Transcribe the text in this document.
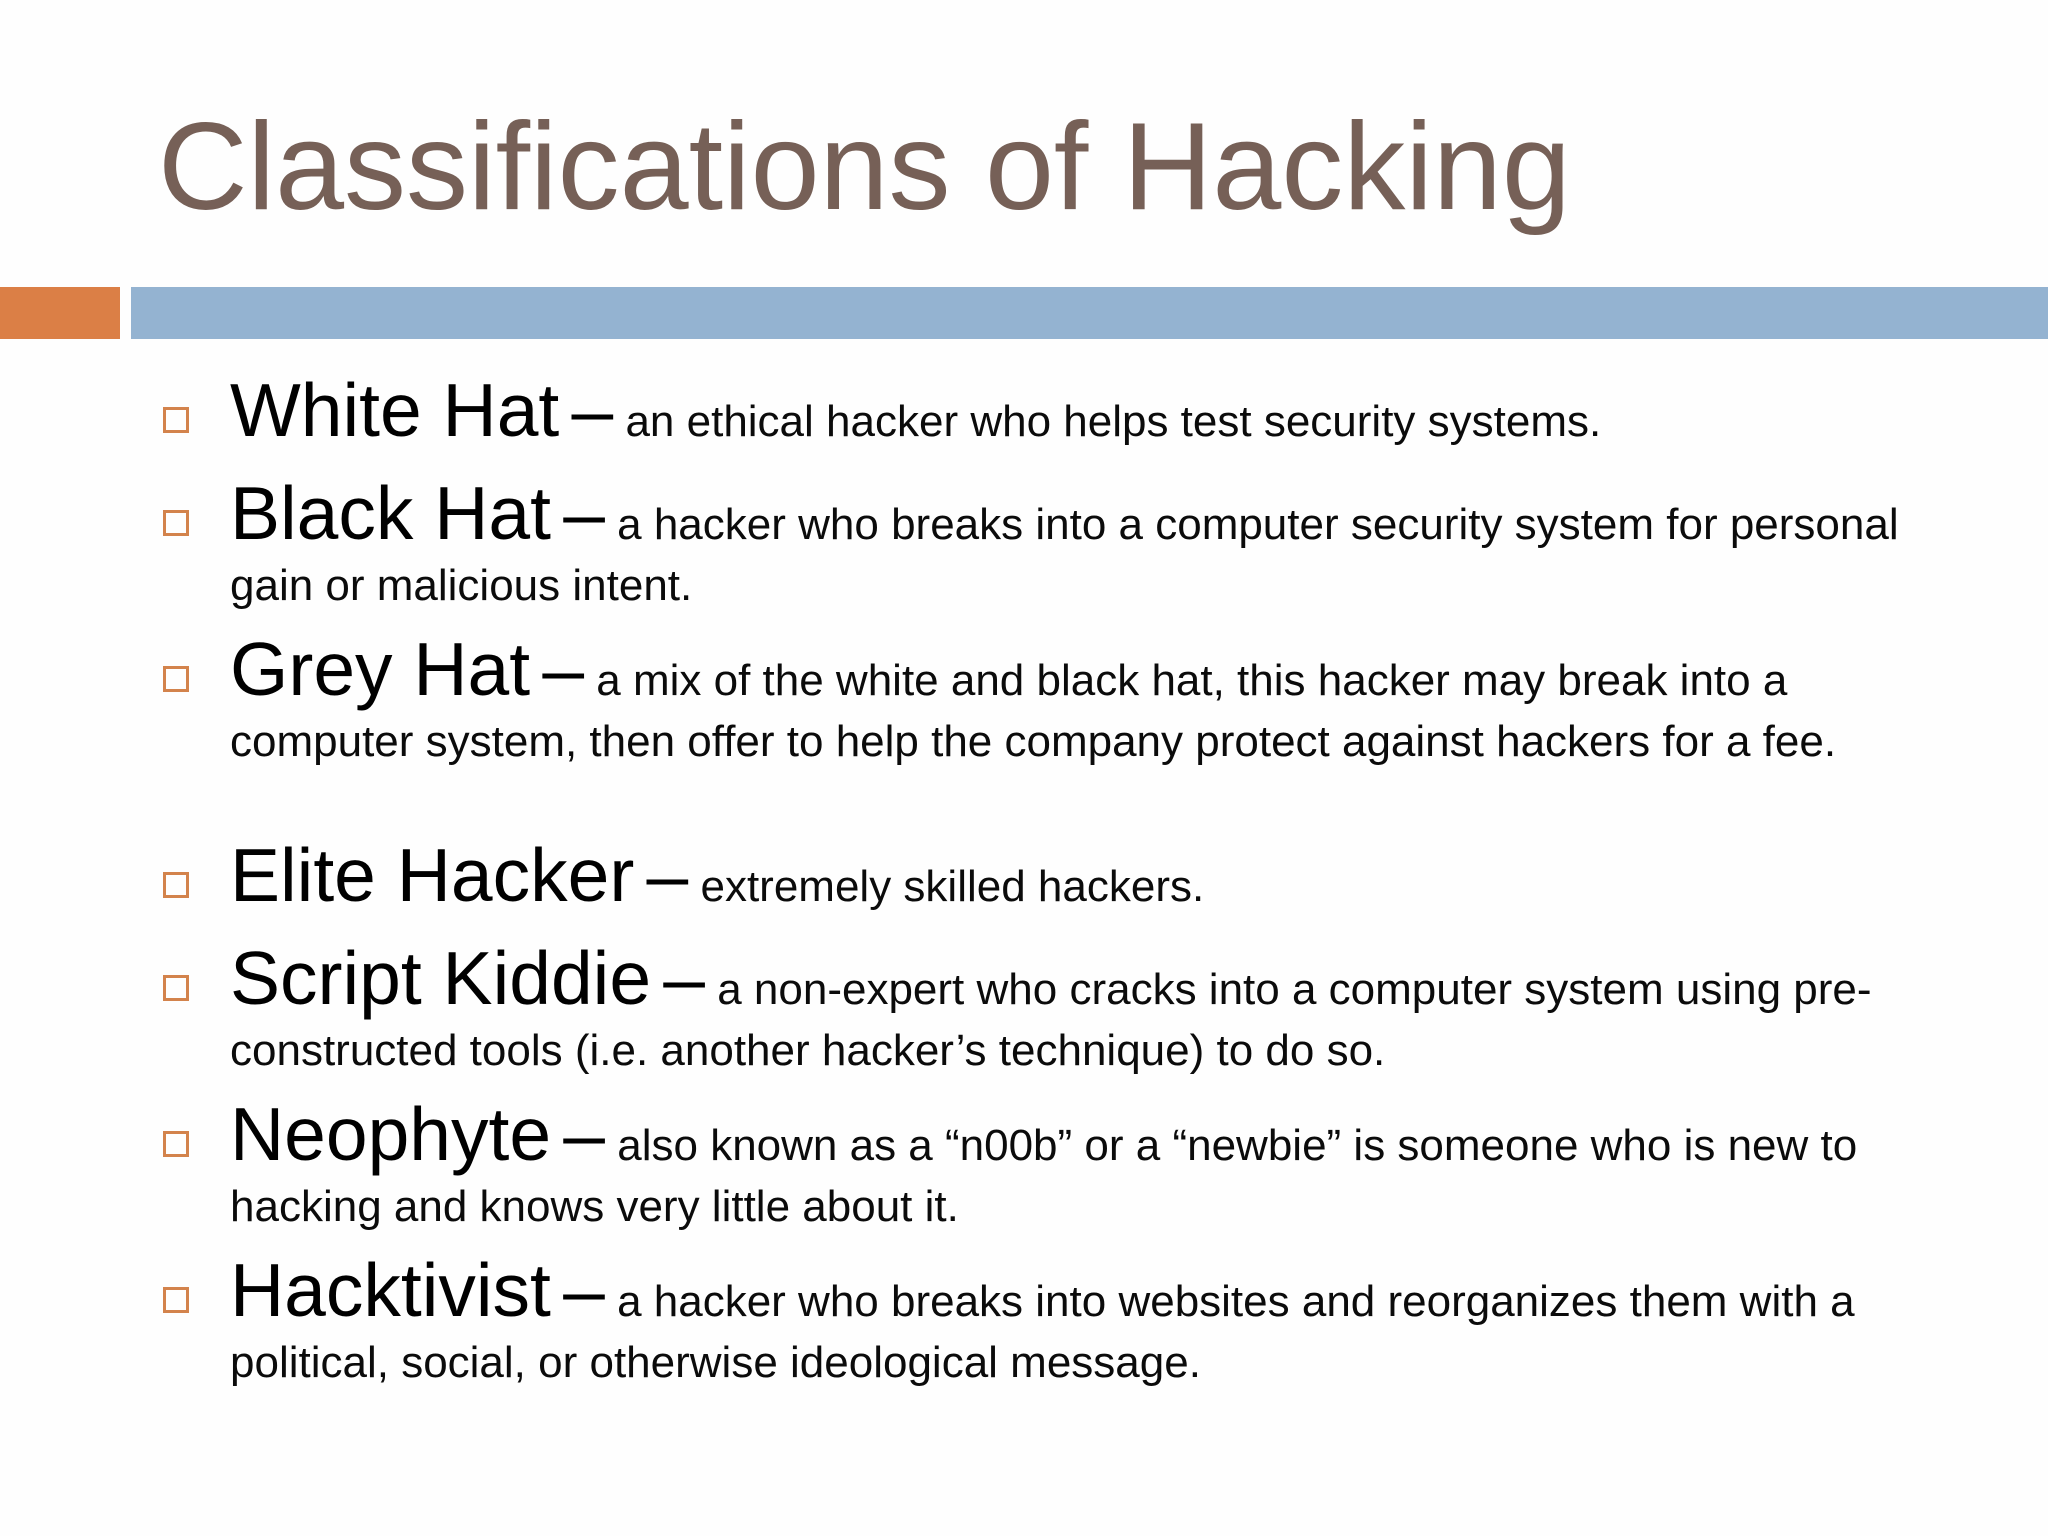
Classifications of Hacking
White Hat – an ethical hacker who helps test security systems.
Black Hat – a hacker who breaks into a computer security system for personal gain or malicious intent.
Grey Hat – a mix of the white and black hat, this hacker may break into a computer system, then offer to help the company protect against hackers for a fee.
Elite Hacker – extremely skilled hackers.
Script Kiddie – a non-expert who cracks into a computer system using pre-constructed tools (i.e. another hacker’s technique) to do so.
Neophyte – also known as a “n00b” or a “newbie” is someone who is new to hacking and knows very little about it.
Hacktivist – a hacker who breaks into websites and reorganizes them with a political, social, or otherwise ideological message.
